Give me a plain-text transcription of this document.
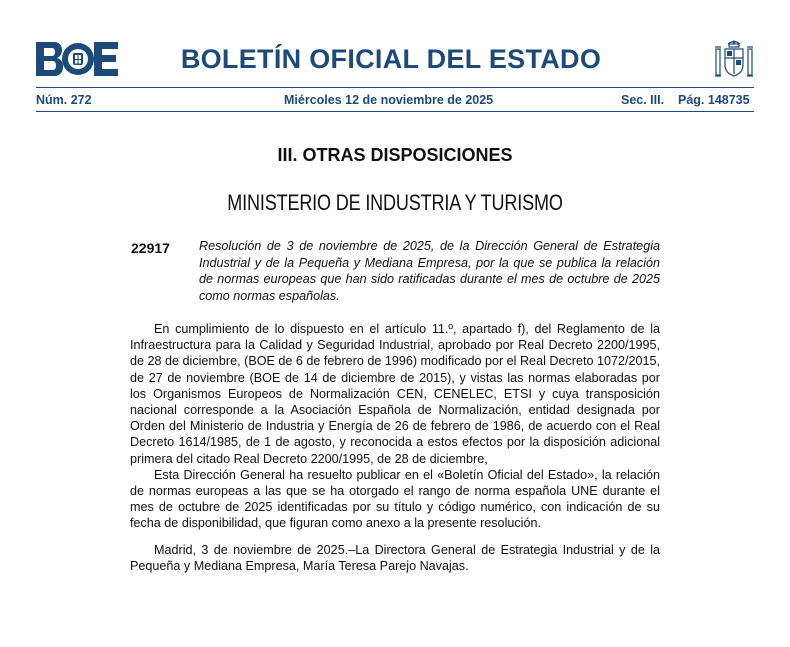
BOLETÍN OFICIAL DEL ESTADO
Núm. 272	Miércoles 12 de noviembre de 2025	Sec. III. Pág. 148735
III. OTRAS DISPOSICIONES
MINISTERIO DE INDUSTRIA Y TURISMO
22917 Resolución de 3 de noviembre de 2025, de la Dirección General de Estrategia Industrial y de la Pequeña y Mediana Empresa, por la que se publica la relación de normas europeas que han sido ratificadas durante el mes de octubre de 2025 como normas españolas.

En cumplimiento de lo dispuesto en el artículo 11.º, apartado f), del Reglamento de la Infraestructura para la Calidad y Seguridad Industrial, aprobado por Real Decreto 2200/1995, de 28 de diciembre, (BOE de 6 de febrero de 1996) modificado por el Real Decreto 1072/2015, de 27 de noviembre (BOE de 14 de diciembre de 2015), y vistas las normas elaboradas por los Organismos Europeos de Normalización CEN, CENELEC, ETSI y cuya transposición nacional corresponde a la Asociación Española de Normalización, entidad designada por Orden del Ministerio de Industria y Energía de 26 de febrero de 1986, de acuerdo con el Real Decreto 1614/1985, de 1 de agosto, y reconocida a estos efectos por la disposición adicional primera del citado Real Decreto 2200/1995, de 28 de diciembre,

Esta Dirección General ha resuelto publicar en el «Boletín Oficial del Estado», la relación de normas europeas a las que se ha otorgado el rango de norma española UNE durante el mes de octubre de 2025 identificadas por su título y código numérico, con indicación de su fecha de disponibilidad, que figuran como anexo a la presente resolución.

Madrid, 3 de noviembre de 2025.–La Directora General de Estrategia Industrial y de la Pequeña y Mediana Empresa, María Teresa Parejo Navajas.
